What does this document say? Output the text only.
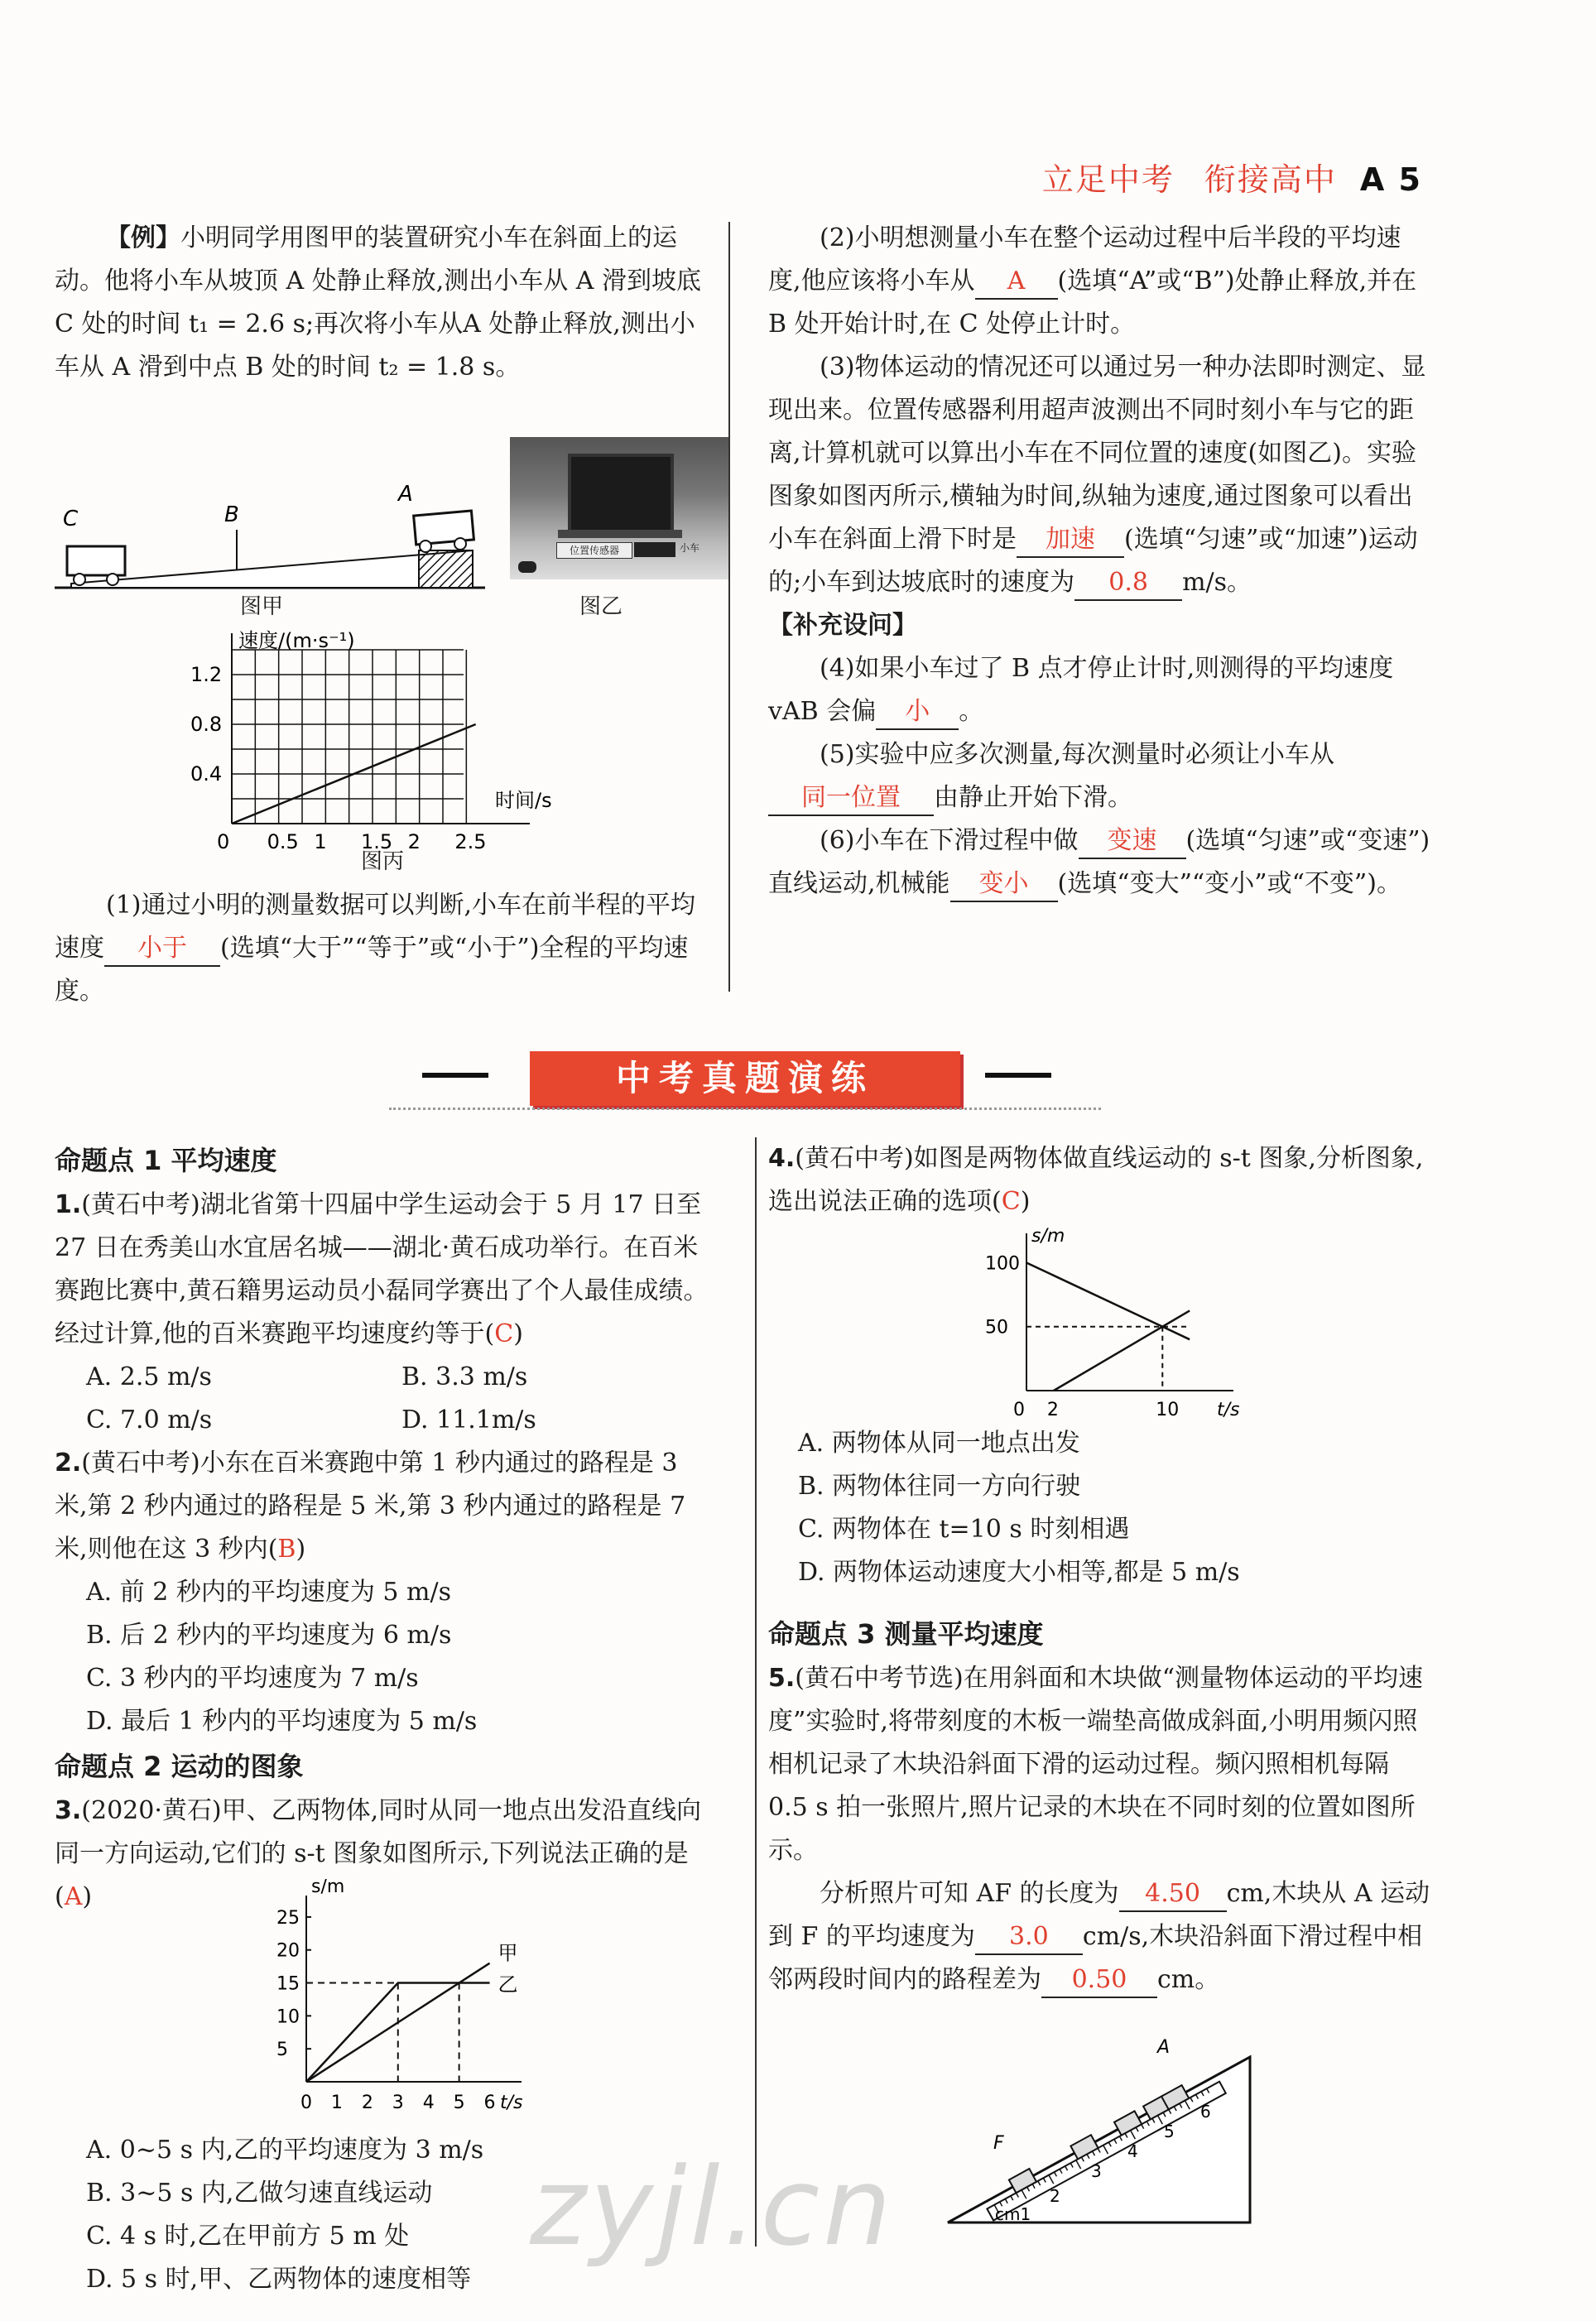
立足中考 衔接高中 A 5

【例】小明同学用图甲的装置研究小车在斜面上的运动。他将小车从坡顶 A 处静止释放,测出小车从 A 滑到坡底 C 处的时间 t₁ = 2.6 s;再次将小车从A 处静止释放,测出小车从 A 滑到中点 B 处的时间 t₂ = 1.8 s。

C	B
A
图甲
位置传感器	小车
图乙
速度/(m·s⁻¹)
时间/s
0 0.5 1 1.5 2 2.5
0.4
0.8
1.2
图丙

(1)通过小明的测量数据可以判断,小车在前半程的平均速度 小于 (选填“大于”“等于”或“小于”)全程的平均速度。

(2)小明想测量小车在整个运动过程中后半段的平均速度,他应该将小车从 A (选填“A”或“B”)处静止释放,并在 B 处开始计时,在 C 处停止计时。

(3)物体运动的情况还可以通过另一种办法即时测定、显现出来。位置传感器利用超声波测出不同时刻小车与它的距离,计算机就可以算出小车在不同位置的速度(如图乙)。实验图象如图丙所示,横轴为时间,纵轴为速度,通过图象可以看出小车在斜面上滑下时是 加速 (选填“匀速”或“加速”)运动的;小车到达坡底时的速度为 0.8 m/s。

【补充设问】

(4)如果小车过了 B 点才停止计时,则测得的平均速度 vAB 会偏 小 。

(5)实验中应多次测量,每次测量时必须让小车从同一位置 由静止开始下滑。

(6)小车在下滑过程中做 变速 (选填“匀速”或“变速”)直线运动,机械能 变小 (选填“变大”“变小”或“不变”)。

中考真题演练

命题点 1 平均速度

1.(黄石中考)湖北省第十四届中学生运动会于 5 月 17 日至 27 日在秀美山水宜居名城——湖北·黄石成功举行。在百米赛跑比赛中,黄石籍男运动员小磊同学赛出了个人最佳成绩。经过计算,他的百米赛跑平均速度约等于(C)

A. 2.5 m/s	B. 3.3 m/s
C. 7.0 m/s	D. 11.1m/s

2.(黄石中考)小东在百米赛跑中第 1 秒内通过的路程是 3 米,第 2 秒内通过的路程是 5 米,第 3 秒内通过的路程是 7 米,则他在这 3 秒内(B)

A. 前 2 秒内的平均速度为 5 m/s

B. 后 2 秒内的平均速度为 6 m/s

C. 3 秒内的平均速度为 7 m/s

D. 最后 1 秒内的平均速度为 5 m/s

命题点 2 运动的图象

3.(2020·黄石)甲、乙两物体,同时从同一地点出发沿直线向同一方向运动,它们的 s-t 图象如图所示,下列说法正确的是(A)	s/m
t/s
0 1 2 3 4 5 6
5
10
15
20
25
甲
乙

A. 0~5 s 内,乙的平均速度为 3 m/s

B. 3~5 s 内,乙做匀速直线运动

C. 4 s 时,乙在甲前方 5 m 处

D. 5 s 时,甲、乙两物体的速度相等

4.(黄石中考)如图是两物体做直线运动的 s-t 图象,分析图象,选出说法正确的选项(C)

s/m
t/s
0 2	10
50
100

A. 两物体从同一地点出发

B. 两物体往同一方向行驶

C. 两物体在 t=10 s 时刻相遇

D. 两物体运动速度大小相等,都是 5 m/s

命题点 3 测量平均速度

5.(黄石中考节选)在用斜面和木块做“测量物体运动的平均速度”实验时,将带刻度的木板一端垫高做成斜面,小明用频闪照相机记录了木块沿斜面下滑的运动过程。频闪照相机每隔 0.5 s 拍一张照片,照片记录的木块在不同时刻的位置如图所示。

分析照片可知 AF 的长度为 4.50 cm,木块从 A 运动到 F 的平均速度为 3.0 cm/s,木块沿斜面下滑过程中相邻两段时间内的路程差为 0.50 cm。

A
F
cm1
2
3
4
5
6
zyjl.cn
